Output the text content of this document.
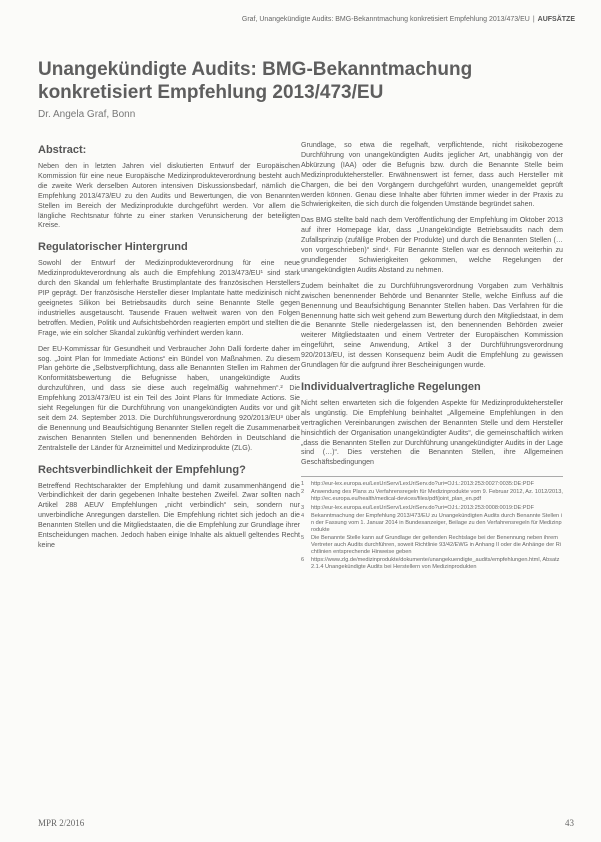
Graf, Unangekündigte Audits: BMG-Bekanntmachung konkretisiert Empfehlung 2013/473/EU | AUFSÄTZE
Unangekündigte Audits: BMG-Bekanntmachung
konkretisiert Empfehlung 2013/473/EU

Dr. Angela Graf, Bonn

Abstract:

Neben den in letzten Jahren viel diskutierten Entwurf der Europäischen Kommission für eine neue Europäische Medizinprodukteverordnung besteht auch die zweite Werk derselben Autoren intensiven Diskussionsbedarf, nämlich die Empfehlung 2013/473/EU zu den Audits und Bewertungen, die von Benannten Stellen im Bereich der Medizinprodukte durchgeführt werden. Vor allem die längliche Rechtsnatur führte zu einer starken Verunsicherung der beteiligten Kreise.

Regulatorischer Hintergrund

Sowohl der Entwurf der Medizinprodukteverordnung für eine neue Medizinprodukteverordnung als auch die Empfehlung 2013/473/EU¹ sind stark durch den Skandal um fehlerhafte Brustimplantate des französischen Herstellers PIP geprägt. Der französische Hersteller dieser Implantate hatte medizinisch nicht geeignetes Silikon bei Betriebsaudits durch seine Benannte Stelle gegen industrielles ausgetauscht. Tausende Frauen weltweit waren von den Folgen betroffen. Medien, Politik und Aufsichtsbehörden reagierten empört und stellten die Frage, wie ein solcher Skandal zukünftig verhindert werden kann.

Der EU-Kommissar für Gesundheit und Verbraucher John Dalli forderte daher im sog. „Joint Plan for Immediate Actions“ ein Bündel von Maßnahmen. Zu diesem Plan gehörte die „Selbstverpflichtung, dass alle Benannten Stellen im Rahmen der Konformitätsbewertung die Befugnisse haben, unangekündigte Audits durchzuführen, und dass sie diese auch regelmäßig wahrnehmen“.² Die Empfehlung 2013/473/EU ist ein Teil des Joint Plans für Immediate Actions. Sie sieht Regelungen für die Durchführung von unangekündigten Audits vor und gilt seit dem 24. September 2013. Die Durchführungsverordnung 920/2013/EU³ über die Benennung und Beaufsichtigung Benannter Stellen regelt die Zusammenarbeit zwischen Benannten Stellen und benennenden Behörden in Deutschland die Zentralstelle der Länder für Arzneimittel und Medizinprodukte (ZLG).

Rechtsverbindlichkeit der Empfehlung?

Betreffend Rechtscharakter der Empfehlung und damit zusammenhängend die Verbindlichkeit der darin gegebenen Inhalte bestehen Zweifel. Zwar sollten nach Artikel 288 AEUV Empfehlungen „nicht verbindlich“ sein, sondern nur unverbindliche Anregungen darstellen. Die Empfehlung richtet sich jedoch an die Benannten Stellen und die Mitgliedstaaten, die die Empfehlung zur Grundlage ihrer Entscheidungen machen. Jedoch haben einige Inhalte als aktuell geltendes Recht keine

Grundlage, so etwa die regelhaft, verpflichtende, nicht risikobezogene Durchführung von unangekündigten Audits jeglicher Art, unabhängig von der Abkürzung (IAA) oder die Befugnis bzw. durch die Benannte Stelle beim Medizinproduktehersteller. Erwähnenswert ist ferner, dass auch Hersteller mit Chargen, die bei den Vorgängern durchgeführt wurden, unangemeldet geprüft werden können. Genau diese Inhalte aber führten immer wieder in der Praxis zu Schwierigkeiten, die sich durch die folgenden Umstände begründet sahen.

Das BMG stellte bald nach dem Veröffentlichung der Empfehlung im Oktober 2013 auf ihrer Homepage klar, dass „Unangekündigte Betriebsaudits nach dem Zufallsprinzip (zufällige Proben der Produkte) und durch die Benannten Stellen (… von vorgeschrieben)“ sind⁴. Für Benannte Stellen war es dennoch weiterhin zu grundlegender Schwierigkeiten gekommen, welche Regelungen der unangekündigten Audits Abstand zu nehmen.

Zudem beinhaltet die zu Durchführungsverordnung Vorgaben zum Verhältnis zwischen benennender Behörde und Benannter Stelle, welche Einfluss auf die Benennung und Beaufsichtigung Benannter Stellen haben. Das Verfahren für die Benennung hatte sich weit gehend zum Bewertung durch den Mitgliedstaat, in dem die Benannte Stelle niedergelassen ist, den benennenden Behörden zweier weiterer Mitgliedstaaten und einem Vertreter der Europäischen Kommission eingeführt, seine Anwendung, Artikel 3 der Durchführungsverordnung 920/2013/EU, ist dessen Konsequenz beim Audit die Empfehlung zu gewissen Grundlagen für die aufgrund ihrer Bescheinigungen wurde.

Individualvertragliche Regelungen

Nicht selten erwarteten sich die folgenden Aspekte für Medizinproduktehersteller als ungünstig. Die Empfehlung beinhaltet „Allgemeine Empfehlungen in den vertraglichen Vereinbarungen zwischen der Benannten Stelle und dem Hersteller hinsichtlich der Organisation unangekündigter Audits“, die gemeinschaftlich wirken „dass die Benannten Stellen zur Durchführung unangekündigter Audits in der Lage sind (…)“. Dies verstehen die Benannten Stellen, ihre Allgemeinen Geschäftsbedingungen

1	http://eur-lex.europa.eu/LexUriServ/LexUriServ.do?uri=OJ:L:2013:253:0027:0035:DE:PDF
2	Anwendung des Plans zu Verfahrensregeln für Medizinprodukte vom 9. Februar 2012, Az. 1012/2013, http://ec.europa.eu/health/medical-devices/files/pdf/joint_plan_en.pdf
3	http://eur-lex.europa.eu/LexUriServ/LexUriServ.do?uri=OJ:L:2013:253:0008:0019:DE:PDF
4	Bekanntmachung der Empfehlung 2013/473/EU zu Unangekündigten Audits durch Benannte Stellen in der Fassung vom 1. Januar 2014 in Bundesanzeiger, Beilage zu den Verfahrensregeln für Medizinprodukte
5	Die Benannte Stelle kann auf Grundlage der geltenden Rechtslage bei der Benennung neben ihrem Vertreter auch Audits durchführen, soweit Richtlinie 93/42/EWG in Anhang II oder die Anhänge der Richtlinien entsprechende Hinweise geben
6	https://www.zlg.de/medizinprodukte/dokumente/unangekuendigte_audits/empfehlungen.html, Absatz 2.1.4 Unangekündigte Audits bei Herstellern von Medizinprodukten
MPR 2/2016	43
